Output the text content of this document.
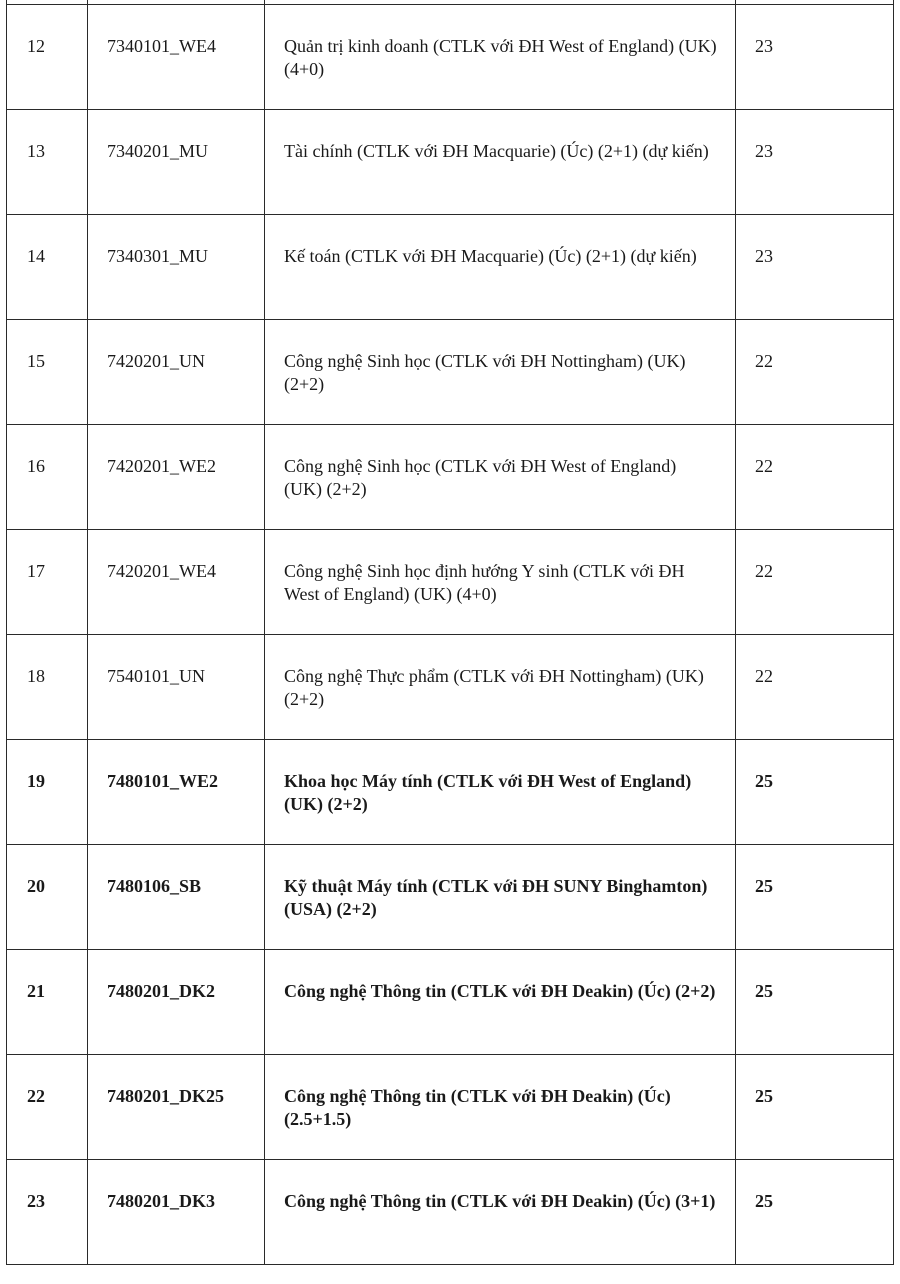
12	7340101_WE4	Quản trị kinh doanh (CTLK với ĐH West of England) (UK) (4+0)	23
13	7340201_MU	Tài chính (CTLK với ĐH Macquarie) (Úc) (2+1) (dự kiến)	23
14	7340301_MU	Kế toán (CTLK với ĐH Macquarie) (Úc) (2+1) (dự kiến)	23
15	7420201_UN	Công nghệ Sinh học (CTLK với ĐH Nottingham) (UK) (2+2)	22
16	7420201_WE2	Công nghệ Sinh học (CTLK với ĐH West of England) (UK) (2+2)	22
17	7420201_WE4	Công nghệ Sinh học định hướng Y sinh (CTLK với ĐH West of England) (UK) (4+0)	22
18	7540101_UN	Công nghệ Thực phẩm (CTLK với ĐH Nottingham) (UK) (2+2)	22
19	7480101_WE2	Khoa học Máy tính (CTLK với ĐH West of England) (UK) (2+2)	25
20	7480106_SB	Kỹ thuật Máy tính (CTLK với ĐH SUNY Binghamton) (USA) (2+2)	25
21	7480201_DK2	Công nghệ Thông tin (CTLK với ĐH Deakin) (Úc) (2+2)	25
22	7480201_DK25	Công nghệ Thông tin (CTLK với ĐH Deakin) (Úc) (2.5+1.5)	25
23	7480201_DK3	Công nghệ Thông tin (CTLK với ĐH Deakin) (Úc) (3+1)	25
